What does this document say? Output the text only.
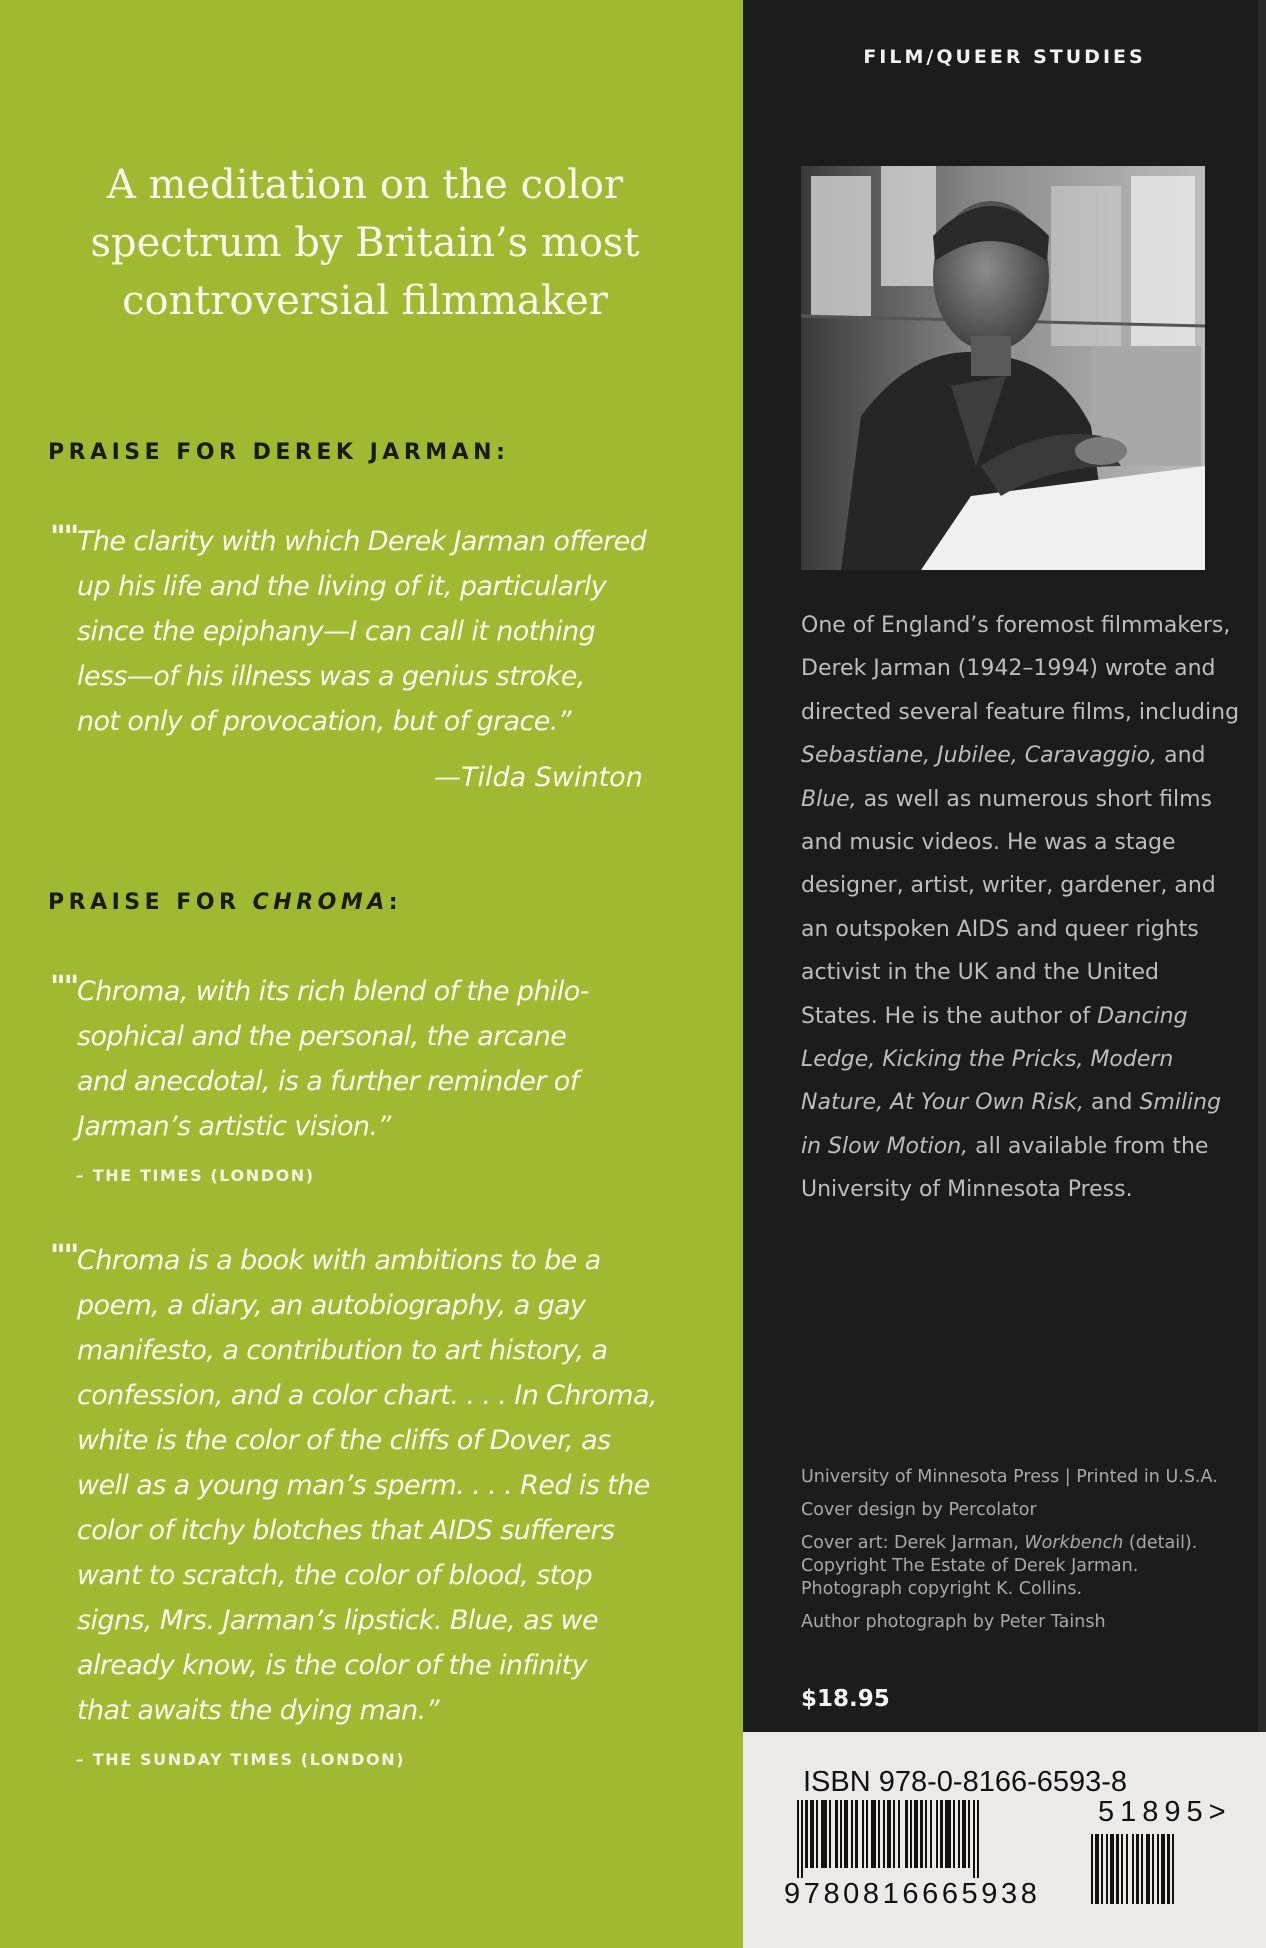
A meditation on the color
spectrum by Britain’s most
controversial filmmaker
PRAISE FOR DEREK JARMAN:
"" The clarity with which Derek Jarman offered
up his life and the living of it, particularly
since the epiphany—I can call it nothing
less—of his illness was a genius stroke,
not only of provocation, but of grace.”
—Tilda Swinton
PRAISE FOR CHROMA:
"" Chroma, with its rich blend of the philo-
sophical and the personal, the arcane
and anecdotal, is a further reminder of
Jarman’s artistic vision.”
– THE TIMES (LONDON)
"" Chroma is a book with ambitions to be a
poem, a diary, an autobiography, a gay
manifesto, a contribution to art history, a
confession, and a color chart. . . . In Chroma,
white is the color of the cliffs of Dover, as
well as a young man’s sperm. . . . Red is the
color of itchy blotches that AIDS sufferers
want to scratch, the color of blood, stop
signs, Mrs. Jarman’s lipstick. Blue, as we
already know, is the color of the infinity
that awaits the dying man.”
– THE SUNDAY TIMES (LONDON)
FILM/QUEER STUDIES
One of England’s foremost filmmakers,
Derek Jarman (1942–1994) wrote and
directed several feature films, including
Sebastiane, Jubilee, Caravaggio, and
Blue, as well as numerous short films
and music videos. He was a stage
designer, artist, writer, gardener, and
an outspoken AIDS and queer rights
activist in the UK and the United
States. He is the author of Dancing
Ledge, Kicking the Pricks, Modern
Nature, At Your Own Risk, and Smiling
in Slow Motion, all available from the
University of Minnesota Press.
University of Minnesota Press | Printed in U.S.A.
Cover design by Percolator
Cover art: Derek Jarman, Workbench (detail).
Copyright The Estate of Derek Jarman.
Photograph copyright K. Collins.
Author photograph by Peter Tainsh
$18.95
ISBN 978-0-8166-6593-8
9780816665938
51895>
